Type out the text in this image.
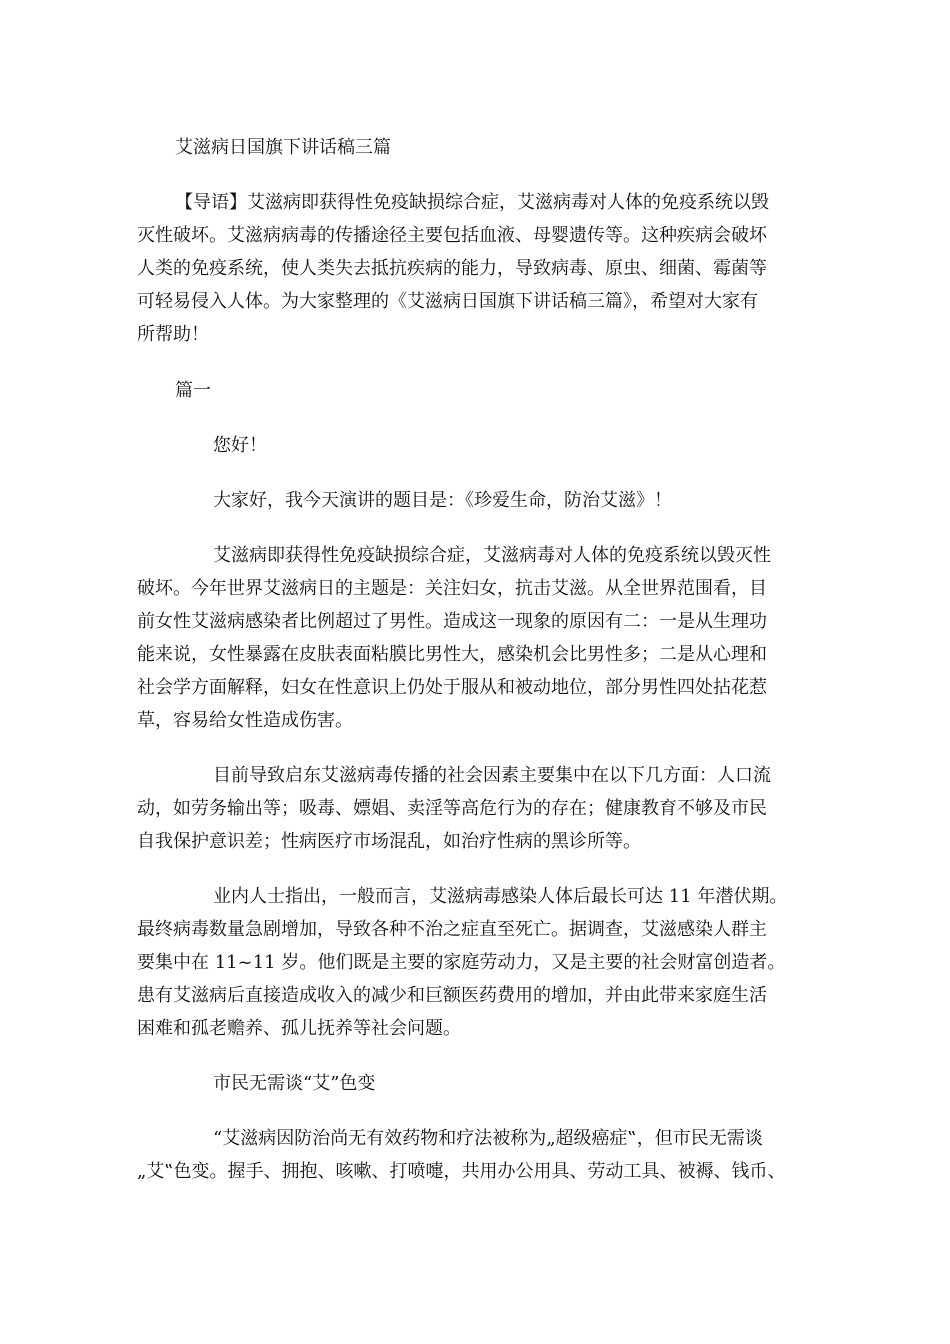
艾滋病日国旗下讲话稿三篇

【导语】艾滋病即获得性免疫缺损综合症，艾滋病毒对人体的免疫系统以毁

灭性破坏。艾滋病病毒的传播途径主要包括血液、母婴遗传等。这种疾病会破坏

人类的免疫系统，使人类失去抵抗疾病的能力，导致病毒、原虫、细菌、霉菌等

可轻易侵入人体。为大家整理的《艾滋病日国旗下讲话稿三篇》，希望对大家有

所帮助！

篇一

您好！

大家好，我今天演讲的题目是：《珍爱生命，防治艾滋》！

艾滋病即获得性免疫缺损综合症，艾滋病毒对人体的免疫系统以毁灭性

破坏。今年世界艾滋病日的主题是：关注妇女，抗击艾滋。从全世界范围看，目

前女性艾滋病感染者比例超过了男性。造成这一现象的原因有二：一是从生理功

能来说，女性暴露在皮肤表面粘膜比男性大，感染机会比男性多；二是从心理和

社会学方面解释，妇女在性意识上仍处于服从和被动地位，部分男性四处拈花惹

草，容易给女性造成伤害。

目前导致启东艾滋病毒传播的社会因素主要集中在以下几方面：人口流

动，如劳务输出等；吸毒、嫖娼、卖淫等高危行为的存在；健康教育不够及市民

自我保护意识差；性病医疗市场混乱，如治疗性病的黑诊所等。

业内人士指出，一般而言，艾滋病毒感染人体后最长可达 11 年潜伏期。

最终病毒数量急剧增加，导致各种不治之症直至死亡。据调查，艾滋感染人群主

要集中在 11~11 岁。他们既是主要的家庭劳动力，又是主要的社会财富创造者。

患有艾滋病后直接造成收入的减少和巨额医药费用的增加，并由此带来家庭生活

困难和孤老赡养、孤儿抚养等社会问题。

市民无需谈“艾”色变

“艾滋病因防治尚无有效药物和疗法被称为„超级癌症‟，但市民无需谈

„艾‟色变。握手、拥抱、咳嗽、打喷嚏，共用办公用具、劳动工具、被褥、钱币、
